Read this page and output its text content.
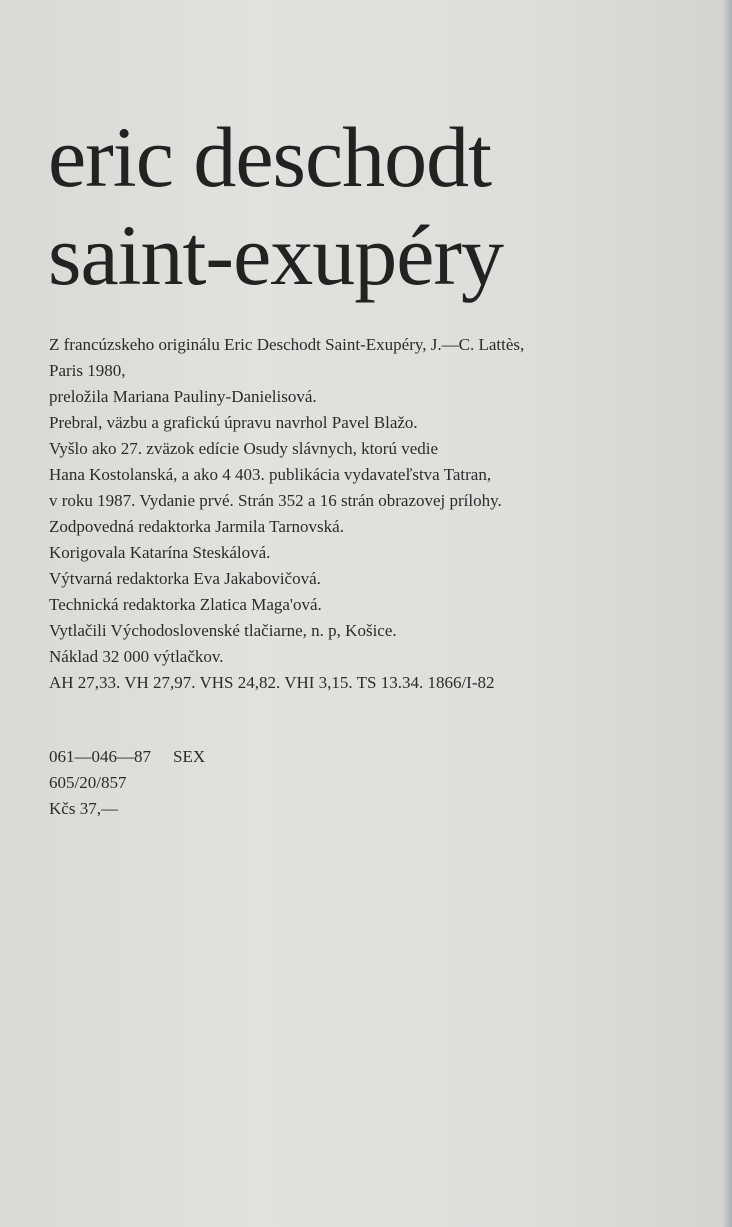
eric deschodt
saint-exupéry
Z francúzskeho originálu Eric Deschodt Saint-Exupéry, J.—C. Lattès,
Paris 1980,
preložila Mariana Pauliny-Danielisová.
Prebral, väzbu a grafickú úpravu navrhol Pavel Blažo.
Vyšlo ako 27. zväzok edície Osudy slávnych, ktorú vedie
Hana Kostolanská, a ako 4 403. publikácia vydavateľstva Tatran,
v roku 1987. Vydanie prvé. Strán 352 a 16 strán obrazovej prílohy.
Zodpovedná redaktorka Jarmila Tarnovská.
Korigovala Katarína Steskálová.
Výtvarná redaktorka Eva Jakabovičová.
Technická redaktorka Zlatica Maga'ová.
Vytlačili Východoslovenské tlačiarne, n. p, Košice.
Náklad 32 000 výtlačkov.
AH 27,33. VH 27,97. VHS 24,82. VHI 3,15. TS 13.34. 1866/I-82
061—046—87 SEX
605/20/857
Kčs 37,—
